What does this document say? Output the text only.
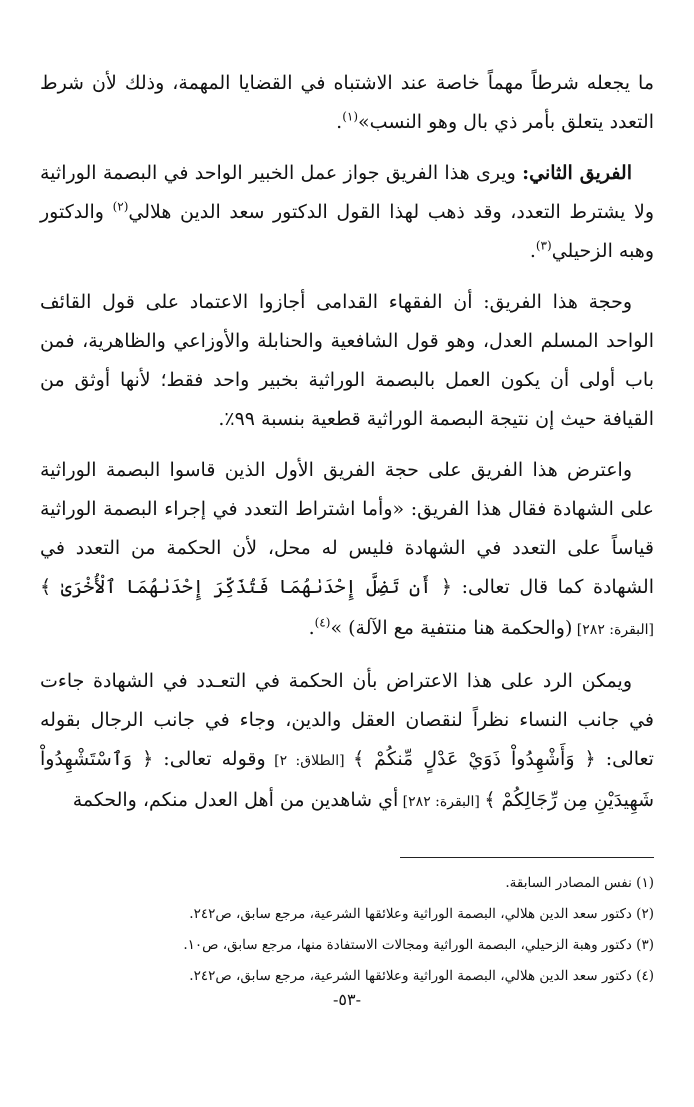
ما يجعله شرطاً مهماً خاصة عند الاشتباه في القضايا المهمة، وذلك لأن شرط التعدد يتعلق بأمر ذي بال وهو النسب»$^{(١)}$.

الفريق الثاني: ويرى هذا الفريق جواز عمل الخبير الواحد في البصمة الوراثية ولا يشترط التعدد، وقد ذهب لهذا القول الدكتور سعد الدين هلالي$^{(٢)}$ والدكتور وهبه الزحيلي$^{(٣)}$.

وحجة هذا الفريق: أن الفقهاء القدامى أجازوا الاعتماد على قول القائف الواحد المسلم العدل، وهو قول الشافعية والحنابلة والأوزاعي والظاهرية، فمن باب أولى أن يكون العمل بالبصمة الوراثية بخبير واحد فقط؛ لأنها أوثق من القيافة حيث إن نتيجة البصمة الوراثية قطعية بنسبة ٩٩٪.

واعترض هذا الفريق على حجة الفريق الأول الذين قاسوا البصمة الوراثية على الشهادة فقال هذا الفريق: «وأما اشتراط التعدد في إجراء البصمة الوراثية قياساً على التعدد في الشهادة فليس له محل، لأن الحكمة من التعدد في الشهادة كما قال تعالى: ﴿ أَن تَضِلَّ إِحْدَىٰهُمَا فَتُذَكِّرَ إِحْدَىٰهُمَا ٱلْأُخْرَىٰ ﴾ [البقرة: ٢٨٢] (والحكمة هنا منتفية مع الآلة) »$^{(٤)}$.

ويمكن الرد على هذا الاعتراض بأن الحكمة في التعـدد في الشهادة جاءت في جانب النساء نظراً لنقصان العقل والدين، وجاء في جانب الرجال بقوله تعالى: ﴿ وَأَشْهِدُواْ ذَوَيْ عَدْلٍ مِّنكُمْ ﴾ [الطلاق: ٢] وقوله تعالى: ﴿ وَٱسْتَشْهِدُواْ شَهِيدَيْنِ مِن رِّجَالِكُمْ ﴾ [البقرة: ٢٨٢] أي شاهدين من أهل العدل منكم، والحكمة

(١) نفس المصادر السابقة.
(٢) دكتور سعد الدين هلالي، البصمة الوراثية وعلائقها الشرعية، مرجع سابق، ص٢٤٢.
(٣) دكتور وهبة الزحيلي، البصمة الوراثية ومجالات الاستفادة منها، مرجع سابق، ص١٠.
(٤) دكتور سعد الدين هلالي، البصمة الوراثية وعلائقها الشرعية، مرجع سابق، ص٢٤٢.
-٥٣-
